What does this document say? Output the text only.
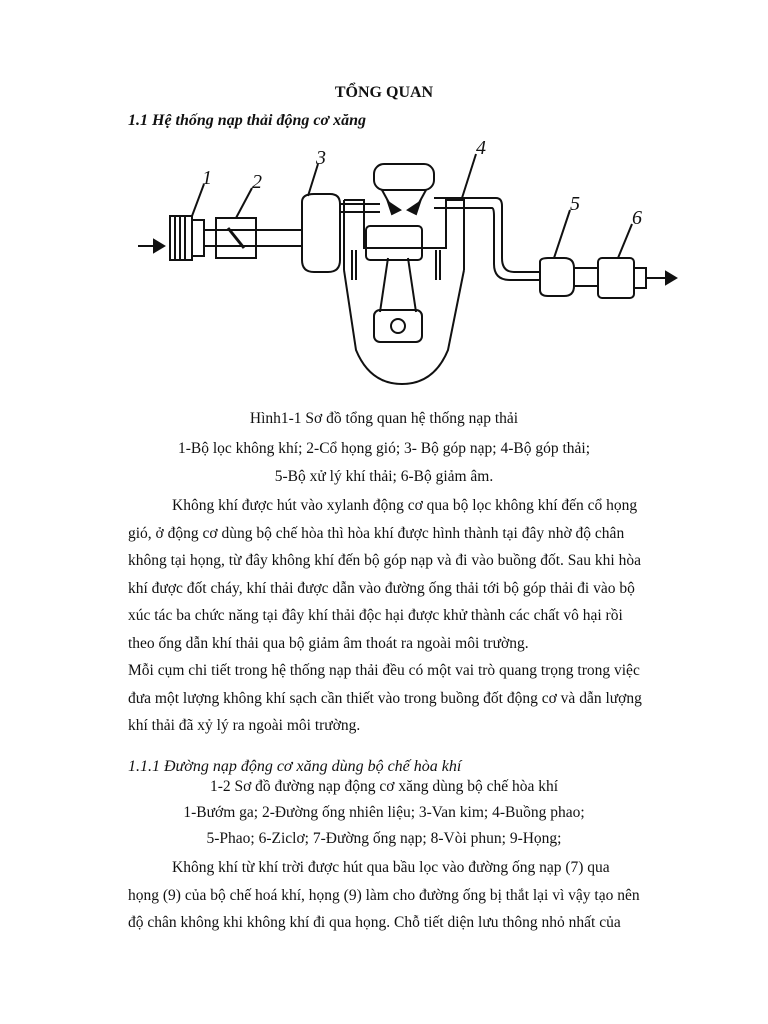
TỔNG QUAN
1.1 Hệ thống nạp thải động cơ xăng
1 2
3	4
5
6
Hình1-1 Sơ đồ tổng quan hệ thống nạp thải
1-Bộ lọc không khí; 2-Cổ họng gió; 3- Bộ góp nạp; 4-Bộ góp thải;
5-Bộ xử lý khí thải; 6-Bộ giảm âm.
Không khí được hút vào xylanh động cơ qua bộ lọc không khí đến cổ họng
gió, ở động cơ dùng bộ chế hòa thì hòa khí được hình thành tại đây nhờ độ chân
không tại họng, từ đây không khí đến bộ góp nạp và đi vào buồng đốt. Sau khi hòa
khí được đốt cháy, khí thải được dẫn vào đường ống thải tới bộ góp thải đi vào bộ
xúc tác ba chức năng tại đây khí thải độc hại được khử thành các chất vô hại rồi
theo ống dẫn khí thải qua bộ giảm âm thoát ra ngoài môi trường.
Mỗi cụm chi tiết trong hệ thống nạp thải đều có một vai trò quang trọng trong việc
đưa một lượng không khí sạch cần thiết vào trong buồng đốt động cơ và dẫn lượng
khí thải đã xỷ lý ra ngoài môi trường.
1.1.1 Đường nạp động cơ xăng dùng bộ chế hòa khí
1-2 Sơ đồ đường nạp động cơ xăng dùng bộ chế hòa khí
1-Bướm ga; 2-Đường ống nhiên liệu; 3-Van kim; 4-Buồng phao;
5-Phao; 6-Ziclơ; 7-Đường ống nạp; 8-Vòi phun; 9-Họng;
Không khí từ khí trời được hút qua bầu lọc vào đường ống nạp (7) qua
họng (9) của bộ chế hoá khí, họng (9) làm cho đường ống bị thắt lại vì vậy tạo nên
độ chân không khi không khí đi qua họng. Chỗ tiết diện lưu thông nhỏ nhất của
